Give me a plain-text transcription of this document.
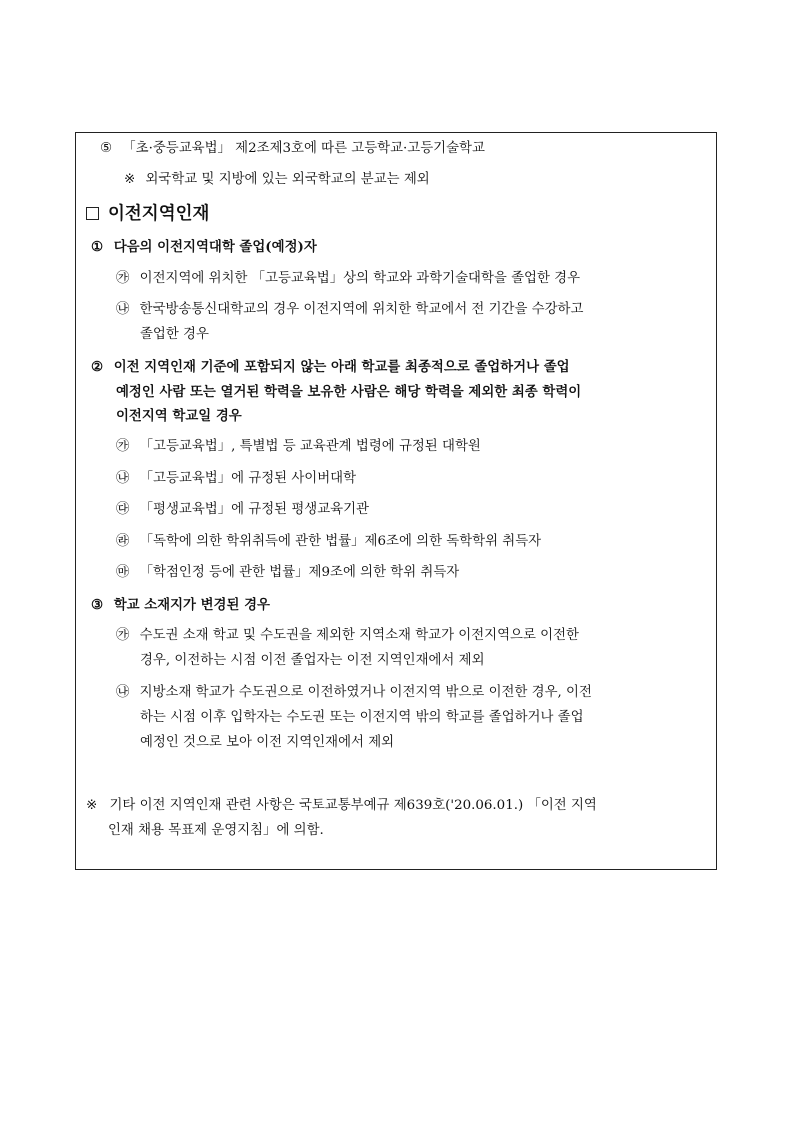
⑤ 「초·중등교육법」 제2조제3호에 따른 고등학교·고등기술학교
※ 외국학교 및 지방에 있는 외국학교의 분교는 제외
이전지역인재
① 다음의 이전지역대학 졸업(예정)자
㉮ 이전지역에 위치한 「고등교육법」상의 학교와 과학기술대학을 졸업한 경우
㉯ 한국방송통신대학교의 경우 이전지역에 위치한 학교에서 전 기간을 수강하고
졸업한 경우
② 이전 지역인재 기준에 포함되지 않는 아래 학교를 최종적으로 졸업하거나 졸업
예정인 사람 또는 열거된 학력을 보유한 사람은 해당 학력을 제외한 최종 학력이
이전지역 학교일 경우
㉮ 「고등교육법」, 특별법 등 교육관계 법령에 규정된 대학원
㉯ 「고등교육법」에 규정된 사이버대학
㉰ 「평생교육법」에 규정된 평생교육기관
㉱ 「독학에 의한 학위취득에 관한 법률」제6조에 의한 독학학위 취득자
㉲ 「학점인정 등에 관한 법률」제9조에 의한 학위 취득자
③ 학교 소재지가 변경된 경우
㉮ 수도권 소재 학교 및 수도권을 제외한 지역소재 학교가 이전지역으로 이전한
경우, 이전하는 시점 이전 졸업자는 이전 지역인재에서 제외
㉯ 지방소재 학교가 수도권으로 이전하였거나 이전지역 밖으로 이전한 경우, 이전
하는 시점 이후 입학자는 수도권 또는 이전지역 밖의 학교를 졸업하거나 졸업
예정인 것으로 보아 이전 지역인재에서 제외
※ 기타 이전 지역인재 관련 사항은 국토교통부예규 제639호('20.06.01.) 「이전 지역
인재 채용 목표제 운영지침」에 의함.
